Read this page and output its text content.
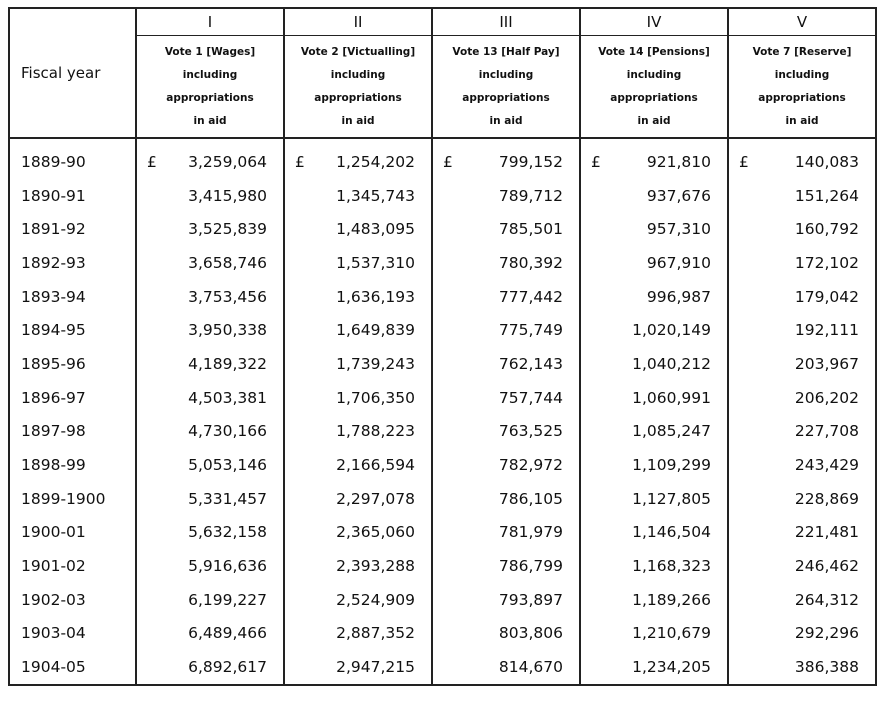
Fiscal year	I	II	III	IV	V

	Vote 1 [Wages]
including
appropriations
in aid	Vote 2 [Victualling]
including
appropriations
in aid	Vote 13 [Half Pay]
including
appropriations
in aid	Vote 14 [Pensions]
including
appropriations
in aid	Vote 7 [Reserve]
including
appropriations
in aid

1889-90	£ 3,259,064	£ 1,254,202	£ 799,152	£ 921,810	£ 140,083

1890-91	3,415,980	1,345,743	789,712	937,676	151,264

1891-92	3,525,839	1,483,095	785,501	957,310	160,792

1892-93	3,658,746	1,537,310	780,392	967,910	172,102

1893-94	3,753,456	1,636,193	777,442	996,987	179,042

1894-95	3,950,338	1,649,839	775,749	1,020,149	192,111

1895-96	4,189,322	1,739,243	762,143	1,040,212	203,967

1896-97	4,503,381	1,706,350	757,744	1,060,991	206,202

1897-98	4,730,166	1,788,223	763,525	1,085,247	227,708

1898-99	5,053,146	2,166,594	782,972	1,109,299	243,429

1899-1900	5,331,457	2,297,078	786,105	1,127,805	228,869

1900-01	5,632,158	2,365,060	781,979	1,146,504	221,481

1901-02	5,916,636	2,393,288	786,799	1,168,323	246,462

1902-03	6,199,227	2,524,909	793,897	1,189,266	264,312

1903-04	6,489,466	2,887,352	803,806	1,210,679	292,296

1904-05	6,892,617	2,947,215	814,670	1,234,205	386,388
